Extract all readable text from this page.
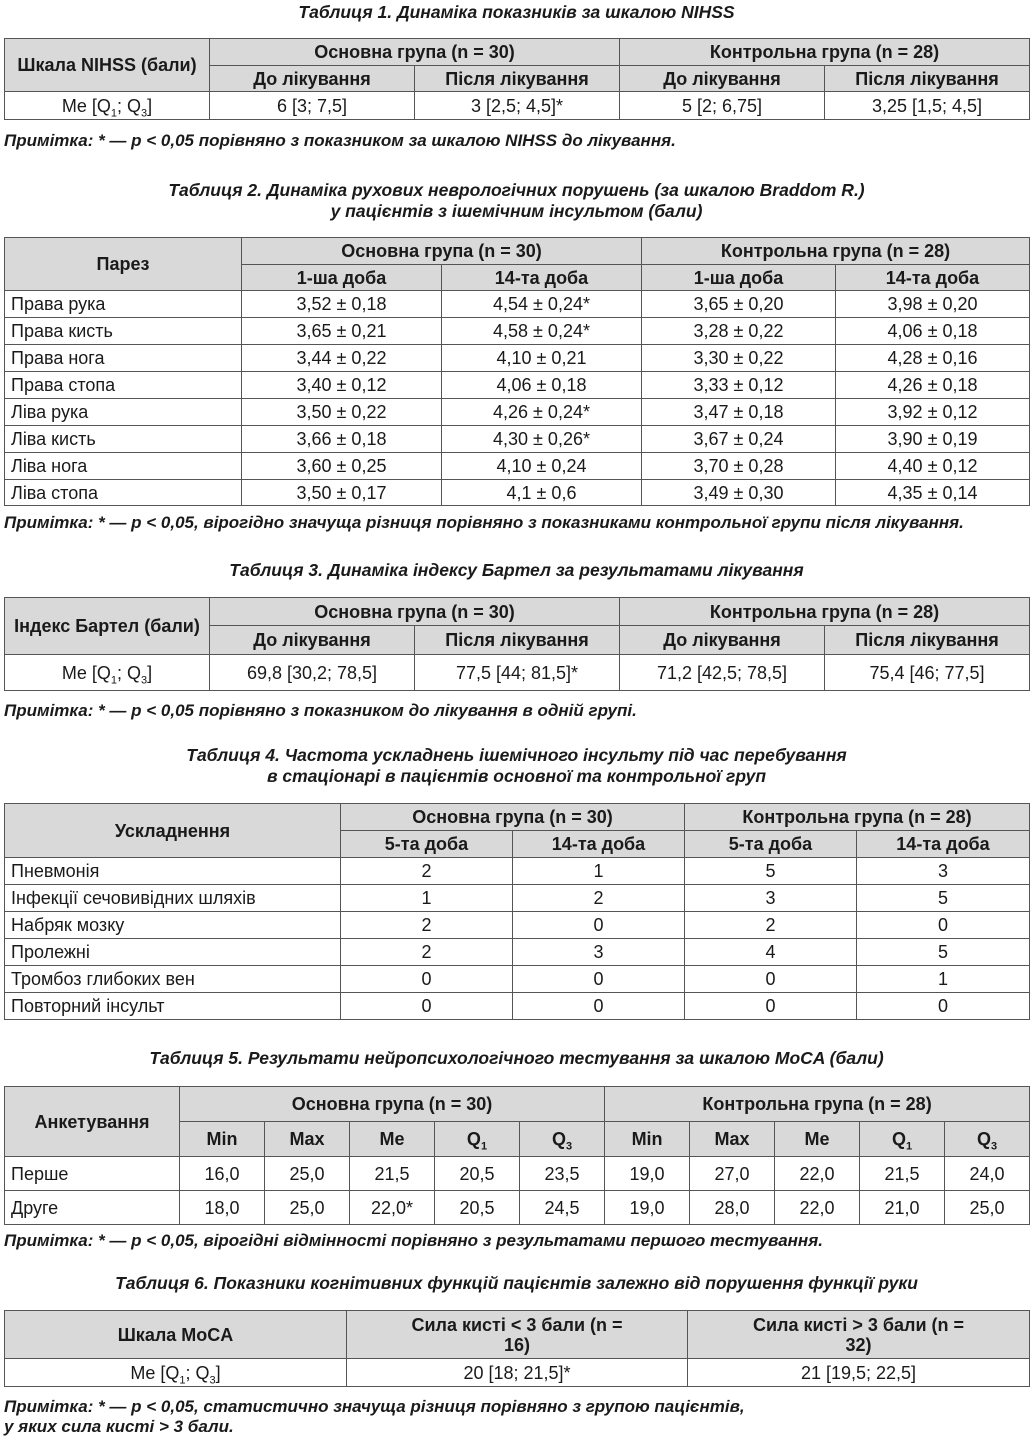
Таблиця 1. Динаміка показників за шкалою NIHSS
Шкала NIHSS (бали)	Основна група (n = 30)		Контрольна група (n = 28)	
	До лікування	Після лікування	До лікування	Після лікування
Me [$Q_1$; $Q_3$]	6 [3; 7,5]	3 [2,5; 4,5]*	5 [2; 6,75]	3,25 [1,5; 4,5]
Примітка: * — p < 0,05 порівняно з показником за шкалою NIHSS до лікування.
Таблиця 2. Динаміка рухових неврологічних порушень (за шкалою Braddom R.)
у пацієнтів з ішемічним інсультом (бали)
Парез	Основна група (n = 30)		Контрольна група (n = 28)	
	1-ша доба	14-та доба	1-ша доба	14-та доба
Права рука	3,52 ± 0,18	4,54 ± 0,24*	3,65 ± 0,20	3,98 ± 0,20
Права кисть	3,65 ± 0,21	4,58 ± 0,24*	3,28 ± 0,22	4,06 ± 0,18
Права нога	3,44 ± 0,22	4,10 ± 0,21	3,30 ± 0,22	4,28 ± 0,16
Права стопа	3,40 ± 0,12	4,06 ± 0,18	3,33 ± 0,12	4,26 ± 0,18
Ліва рука	3,50 ± 0,22	4,26 ± 0,24*	3,47 ± 0,18	3,92 ± 0,12
Ліва кисть	3,66 ± 0,18	4,30 ± 0,26*	3,67 ± 0,24	3,90 ± 0,19
Ліва нога	3,60 ± 0,25	4,10 ± 0,24	3,70 ± 0,28	4,40 ± 0,12
Ліва стопа	3,50 ± 0,17	4,1 ± 0,6	3,49 ± 0,30	4,35 ± 0,14
Примітка: * — p < 0,05, вірогідно значуща різниця порівняно з показниками контрольної групи після лікування.
Таблиця 3. Динаміка індексу Бартел за результатами лікування
Індекс Бартел (бали)	Основна група (n = 30)		Контрольна група (n = 28)	
	До лікування	Після лікування	До лікування	Після лікування
Me [$Q_1$; $Q_3$]	69,8 [30,2; 78,5]	77,5 [44; 81,5]*	71,2 [42,5; 78,5]	75,4 [46; 77,5]
Примітка: * — p < 0,05 порівняно з показником до лікування в одній групі.
Таблиця 4. Частота ускладнень ішемічного інсульту під час перебування
в стаціонарі в пацієнтів основної та контрольної груп
Ускладнення	Основна група (n = 30)		Контрольна група (n = 28)	
	5-та доба	14-та доба	5-та доба	14-та доба
Пневмонія	2	1	5	3
Інфекції сечовивідних шляхів	1	2	3	5
Набряк мозку	2	0	2	0
Пролежні	2	3	4	5
Тромбоз глибоких вен	0	0	0	1
Повторний інсульт	0	0	0	0
Таблиця 5. Результати нейропсихологічного тестування за шкалою MoCA (бали)
Анкетування	Основна група (n = 30)					Контрольна група (n = 28)				
	Min	Max	Me	$Q_1$	$Q_3$	Min	Max	Me	$Q_1$	$Q_3$
Перше	16,0	25,0	21,5	20,5	23,5	19,0	27,0	22,0	21,5	24,0
Друге	18,0	25,0	22,0*	20,5	24,5	19,0	28,0	22,0	21,0	25,0
Примітка: * — p < 0,05, вірогідні відмінності порівняно з результатами першого тестування.
Таблиця 6. Показники когнітивних функцій пацієнтів залежно від порушення функції руки
Шкала MoCA	Сила кисті < 3 бали (n = 16)	Сила кисті > 3 бали (n = 32)
Me [$Q_1$; $Q_3$]	20 [18; 21,5]*	21 [19,5; 22,5]
Примітка: * — p < 0,05, статистично значуща різниця порівняно з групою пацієнтів,
у яких сила кисті > 3 бали.
